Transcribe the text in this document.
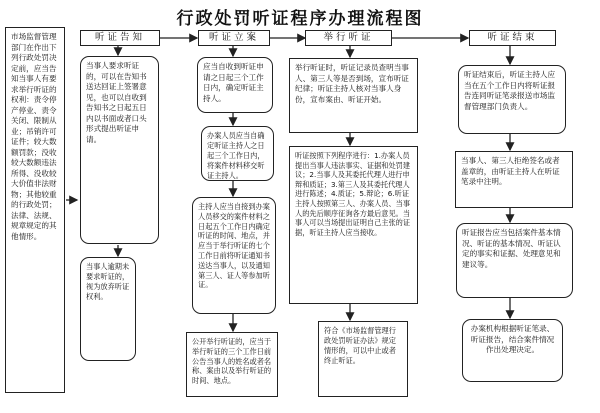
行政处罚听证程序办理流程图
市场监督管理部门在作出下列行政处罚决定前，应当告知当事人有要求举行听证的权利：责令停产停业、责令关闭、限制从业；吊销许可证件；较大数额罚款；没收较大数额违法所得、没收较大价值非法财物；其他较重的行政处罚；法律、法规、规章规定的其他情形。
听证告知
当事人要求听证的，可以在告知书送达回证上签署意见，也可以自收到告知书之日起五日内以书面或者口头形式提出听证申请。
当事人逾期未要求听证的，视为放弃听证权利。
听证立案
应当自收到听证申请之日起三个工作日内，确定听证主持人。
办案人员应当自确定听证主持人之日起三个工作日内，将案件材料移交听证主持人。
主持人应当自接到办案人员移交的案件材料之日起五个工作日内确定听证的时间、地点，并应当于举行听证的七个工作日前将听证通知书送达当事人，以及通知第三人、证人等参加听证。
公开举行听证的，应当于举行听证的三个工作日前公告当事人的姓名或者名称、案由以及举行听证的时间、地点。
举行听证
举行听证时，听证记录员查明当事人、第三人等是否到场，宣布听证纪律；听证主持人核对当事人身份，宣布案由、听证开始。
听证按照下列程序进行：1.办案人员提出当事人违法事实、证据和处罚建议；2.当事人及其委托代理人进行申辩和质证；3.第三人及其委托代理人进行陈述；4.质证；5.辩论；6.听证主持人按照第三人、办案人员、当事人的先后顺序征询各方最后意见。当事人可以当场提出证明自己主张的证据，听证主持人应当接收。
符合《市场监督管理行政处罚听证办法》规定情形的，可以中止或者终止听证。
听证结束
听证结束后，听证主持人应当在五个工作日内将听证报告连同听证笔录报送市场监督管理部门负责人。
当事人、第三人拒绝签名或者盖章的，由听证主持人在听证笔录中注明。
听证报告应当包括案件基本情况、听证的基本情况、听证认定的事实和证据、处理意见和建议等。
办案机构根据听证笔录、听证报告，结合案件情况作出处理决定。
